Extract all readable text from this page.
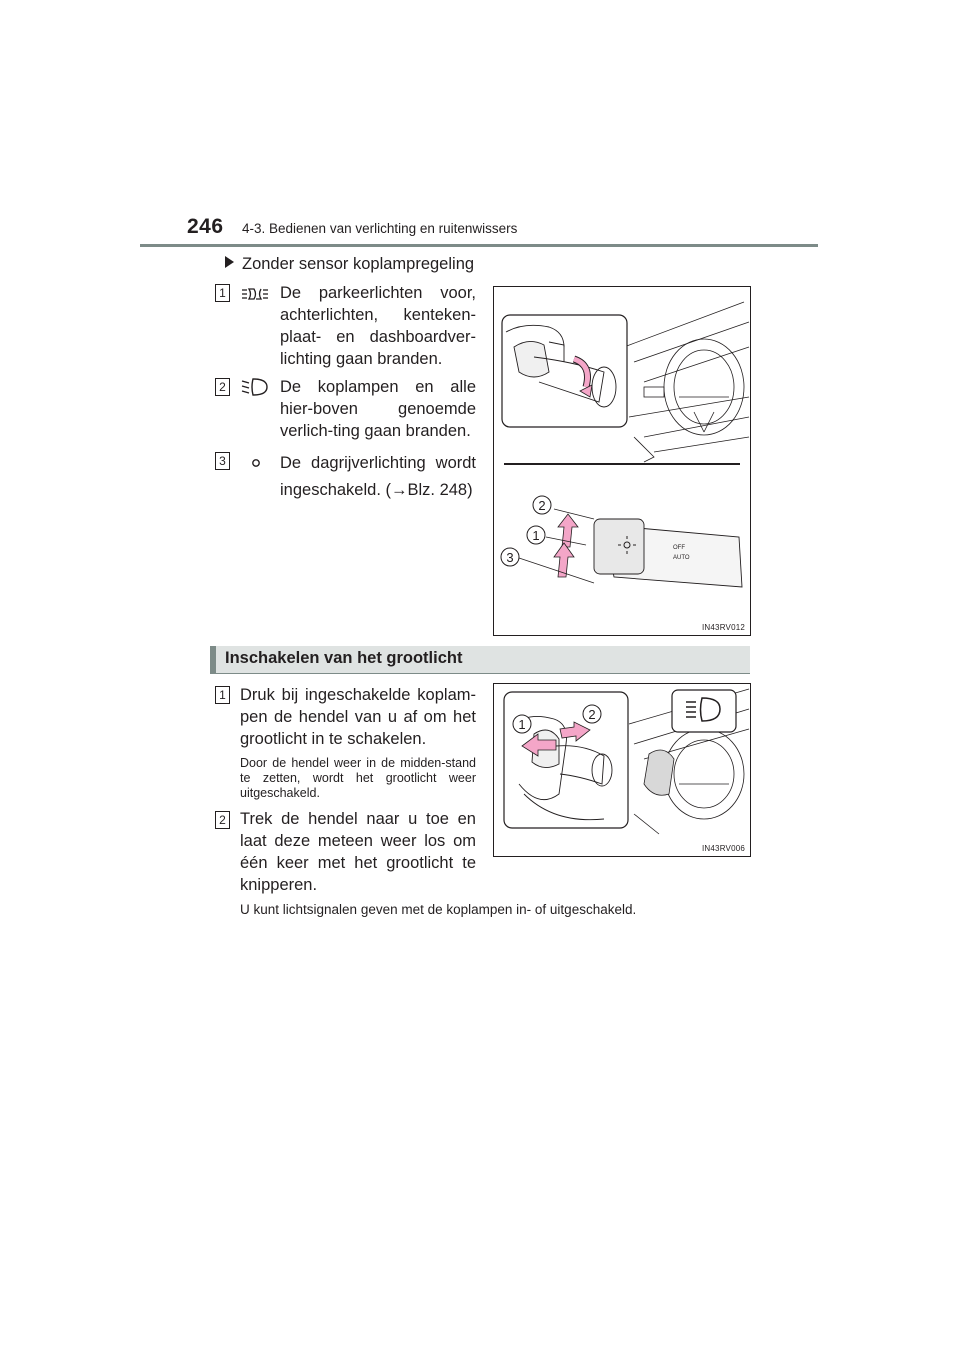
246 4-3. Bedienen van verlichting en ruitenwissers
Zonder sensor koplampregeling
1	De parkeerlichten voor, achterlichten, kenteken-plaat- en dashboardver-lichting gaan branden.
2	De koplampen en alle hier-boven genoemde verlich-ting gaan branden.
3	De dagrijverlichting wordt ingeschakeld. (→Blz. 248)
OFF
AUTO
2
1
3
IN43RV012
Inschakelen van het grootlicht
1 Druk bij ingeschakelde koplam-pen de hendel van u af om het grootlicht in te schakelen.
Door de hendel weer in de midden-stand te zetten, wordt het grootlicht weer uitgeschakeld.
2 Trek de hendel naar u toe en laat deze meteen weer los om één keer met het grootlicht te knipperen.
1
2
IN43RV006
U kunt lichtsignalen geven met de koplampen in- of uitgeschakeld.
